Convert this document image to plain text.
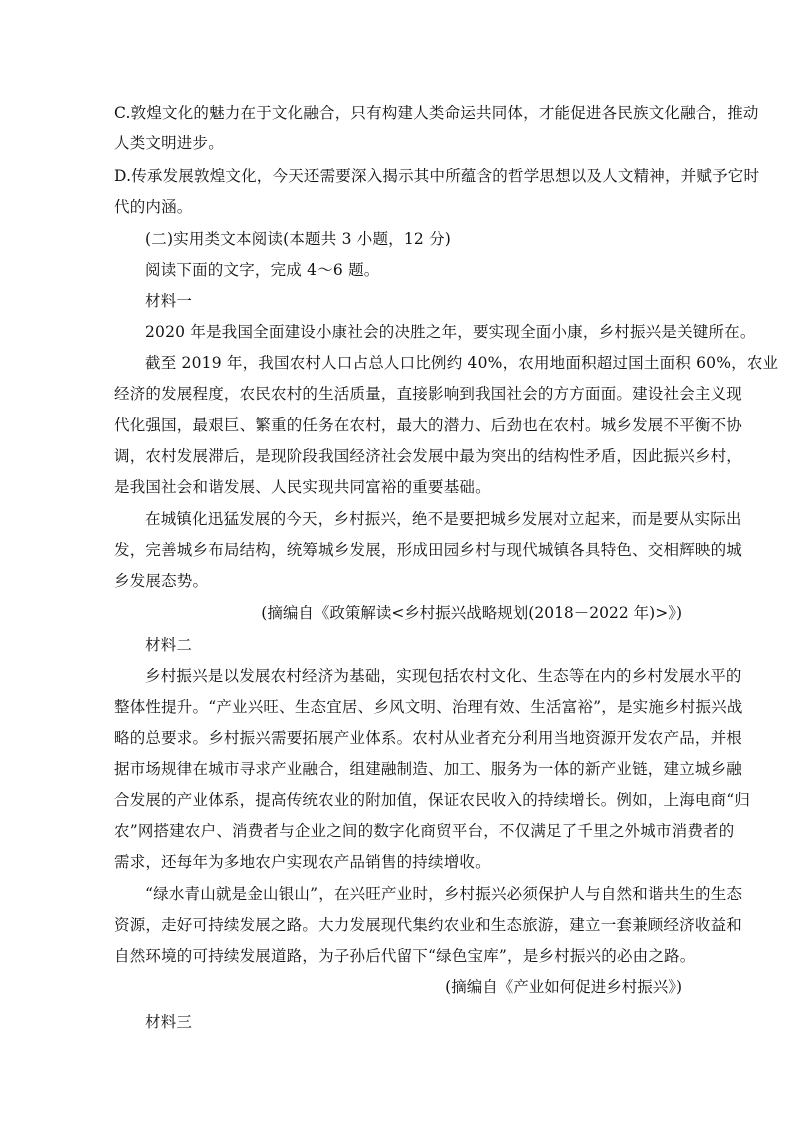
C.敦煌文化的魅力在于文化融合，只有构建人类命运共同体，才能促进各民族文化融合，推动
人类文明进步。
D.传承发展敦煌文化，今天还需要深入揭示其中所蕴含的哲学思想以及人文精神，并赋予它时
代的内涵。
(二)实用类文本阅读(本题共 3 小题，12 分)
阅读下面的文字，完成 4～6 题。
材料一
2020 年是我国全面建设小康社会的决胜之年，要实现全面小康，乡村振兴是关键所在。
截至 2019 年，我国农村人口占总人口比例约 40%，农用地面积超过国土面积 60%，农业
经济的发展程度，农民农村的生活质量，直接影响到我国社会的方方面面。建设社会主义现
代化强国，最艰巨、繁重的任务在农村，最大的潜力、后劲也在农村。城乡发展不平衡不协
调，农村发展滞后，是现阶段我国经济社会发展中最为突出的结构性矛盾，因此振兴乡村，
是我国社会和谐发展、人民实现共同富裕的重要基础。
在城镇化迅猛发展的今天，乡村振兴，绝不是要把城乡发展对立起来，而是要从实际出
发，完善城乡布局结构，统筹城乡发展，形成田园乡村与现代城镇各具特色、交相辉映的城
乡发展态势。
(摘编自《政策解读<乡村振兴战略规划(2018－2022 年)>》)
材料二
乡村振兴是以发展农村经济为基础，实现包括农村文化、生态等在内的乡村发展水平的
整体性提升。“产业兴旺、生态宜居、乡风文明、治理有效、生活富裕”，是实施乡村振兴战
略的总要求。乡村振兴需要拓展产业体系。农村从业者充分利用当地资源开发农产品，并根
据市场规律在城市寻求产业融合，组建融制造、加工、服务为一体的新产业链，建立城乡融
合发展的产业体系，提高传统农业的附加值，保证农民收入的持续增长。例如，上海电商“归
农”网搭建农户、消费者与企业之间的数字化商贸平台，不仅满足了千里之外城市消费者的
需求，还每年为多地农户实现农产品销售的持续增收。
“绿水青山就是金山银山”，在兴旺产业时，乡村振兴必须保护人与自然和谐共生的生态
资源，走好可持续发展之路。大力发展现代集约农业和生态旅游，建立一套兼顾经济收益和
自然环境的可持续发展道路，为子孙后代留下“绿色宝库”，是乡村振兴的必由之路。
(摘编自《产业如何促进乡村振兴》)
材料三
